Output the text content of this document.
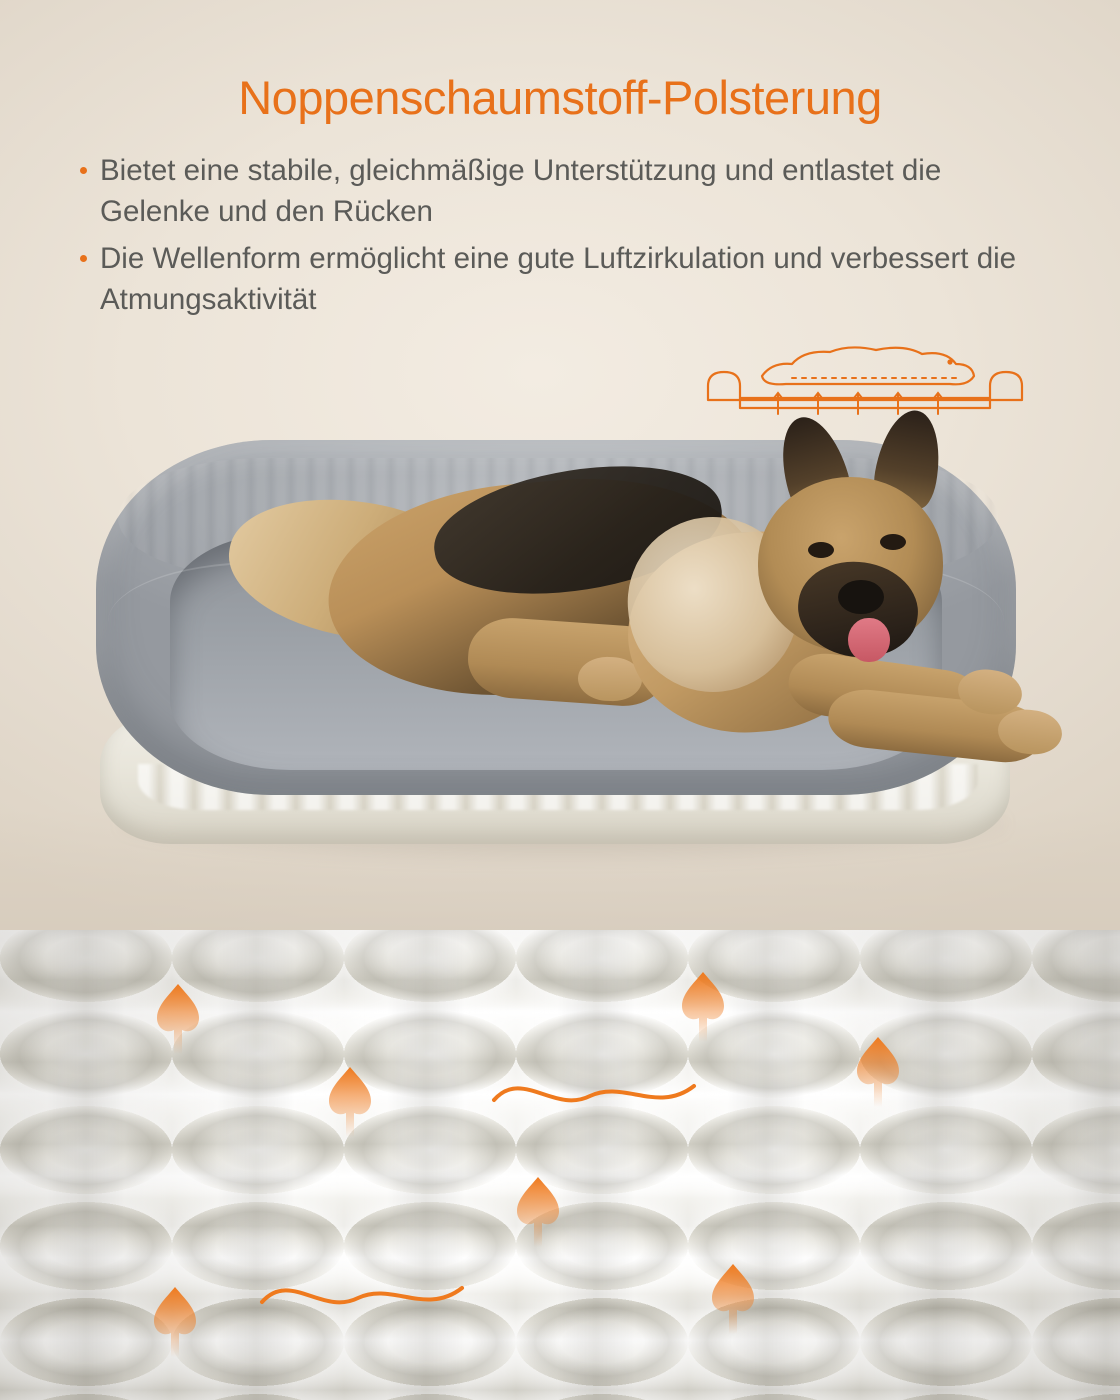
Noppenschaumstoff-Polsterung
Bietet eine stabile, gleichmäßige Unterstützung und entlastet die Gelenke und den Rücken
Die Wellenform ermöglicht eine gute Luftzirkulation und verbessert die Atmungsaktivität
